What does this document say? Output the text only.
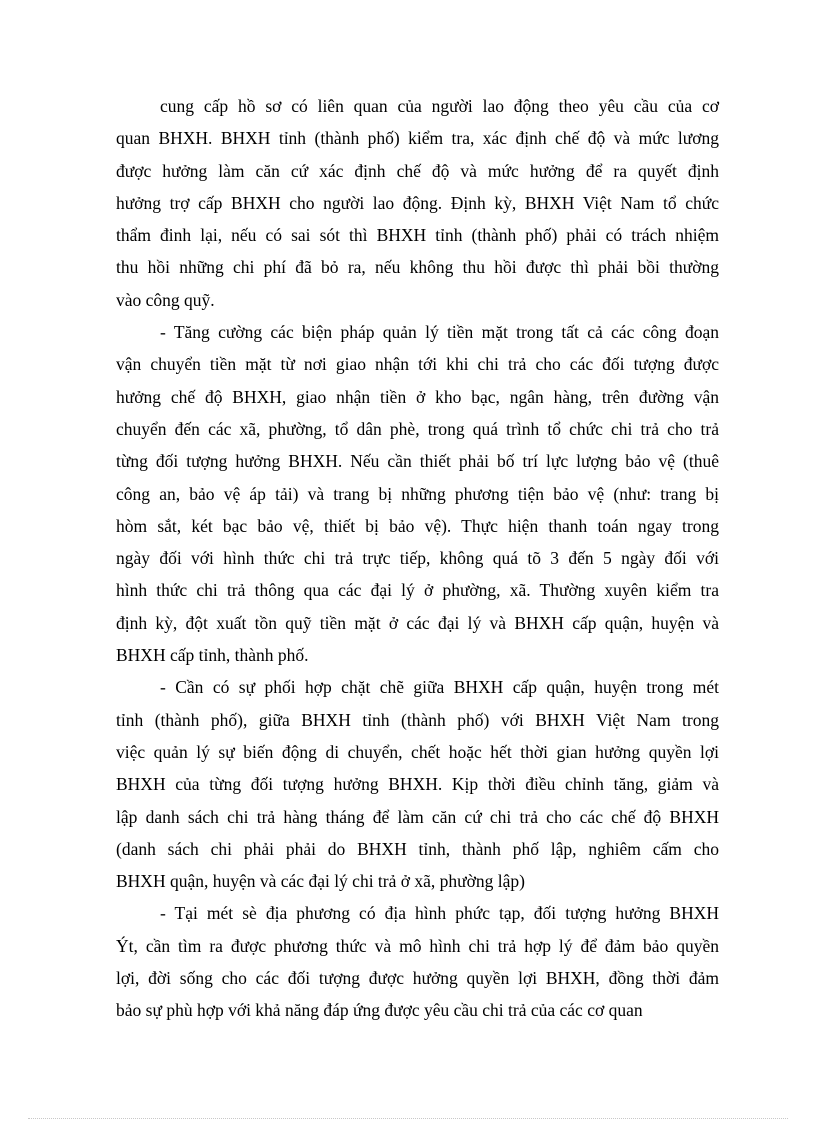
cung cấp hồ sơ có liên quan của người lao động theo yêu cầu của cơ
quan BHXH. BHXH tỉnh (thành phố) kiểm tra, xác định chế độ và mức lương
được hưởng làm căn cứ xác định chế độ và mức hưởng để ra quyết định
hưởng trợ cấp BHXH cho người lao động. Định kỳ, BHXH Việt Nam tổ chức
thẩm đinh lại, nếu có sai sót thì BHXH tỉnh (thành phố) phải có trách nhiệm
thu hồi những chi phí đã bỏ ra, nếu không thu hồi được thì phải bồi thường
vào công quỹ.
- Tăng cường các biện pháp quản lý tiền mặt trong tất cả các công đoạn
vận chuyển tiền mặt từ nơi giao nhận tới khi chi trả cho các đối tượng được
hưởng chế độ BHXH, giao nhận tiền ở kho bạc, ngân hàng, trên đường vận
chuyển đến các xã, phường, tổ dân phè, trong quá trình tổ chức chi trả cho trả
từng đối tượng hưởng BHXH. Nếu cần thiết phải bố trí lực lượng bảo vệ (thuê
công an, bảo vệ áp tải) và trang bị những phương tiện bảo vệ (như: trang bị
hòm sắt, két bạc bảo vệ, thiết bị bảo vệ). Thực hiện thanh toán ngay trong
ngày đối với hình thức chi trả trực tiếp, không quá tõ 3 đến 5 ngày đối với
hình thức chi trả thông qua các đại lý ở phường, xã. Thường xuyên kiểm tra
định kỳ, đột xuất tồn quỹ tiền mặt ở các đại lý và BHXH cấp quận, huyện và
BHXH cấp tỉnh, thành phố.
- Cần có sự phối hợp chặt chẽ giữa BHXH cấp quận, huyện trong mét
tỉnh (thành phố), giữa BHXH tỉnh (thành phố) với BHXH Việt Nam trong
việc quản lý sự biến động di chuyển, chết hoặc hết thời gian hưởng quyền lợi
BHXH của từng đối tượng hưởng BHXH. Kịp thời điều chỉnh tăng, giảm và
lập danh sách chi trả hàng tháng để làm căn cứ chi trả cho các chế độ BHXH
(danh sách chi phải phải do BHXH tỉnh, thành phố lập, nghiêm cấm cho
BHXH quận, huyện và các đại lý chi trả ở xã, phường lập)
- Tại mét sè địa phương có địa hình phức tạp, đối tượng hưởng BHXH
Ýt, cần tìm ra được phương thức và mô hình chi trả hợp lý để đảm bảo quyền
lợi, đời sống cho các đối tượng được hưởng quyền lợi BHXH, đồng thời đảm
bảo sự phù hợp với khả năng đáp ứng được yêu cầu chi trả của các cơ quan
